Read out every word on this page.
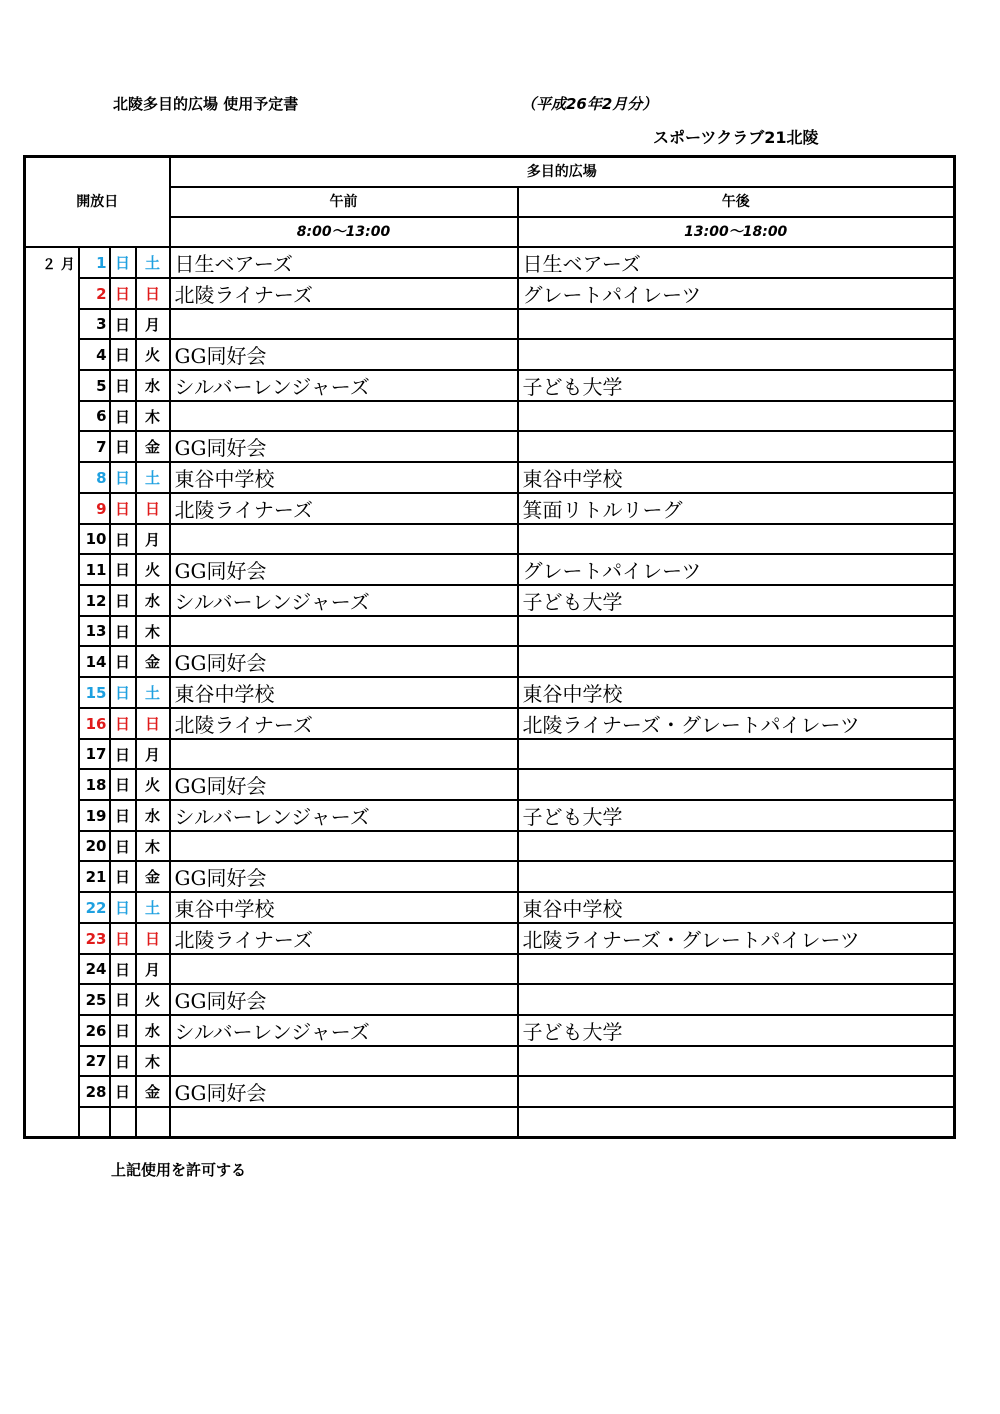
北陵多目的広場 使用予定書	（平成26年2月分）
スポーツクラブ21北陵
開放日				多目的広場	
				午前	午後
				8:00～13:00	13:00～18:00
２ 月	1	日	土	日生ベアーズ	日生ベアーズ
	2	日	日	北陵ライナーズ	グレートパイレーツ
	3	日	月		
	4	日	火	GG同好会	
	5	日	水	シルバーレンジャーズ	子ども大学
	6	日	木		
	7	日	金	GG同好会	
	8	日	土	東谷中学校	東谷中学校
	9	日	日	北陵ライナーズ	箕面リトルリーグ
	10	日	月		
	11	日	火	GG同好会	グレートパイレーツ
	12	日	水	シルバーレンジャーズ	子ども大学
	13	日	木		
	14	日	金	GG同好会	
	15	日	土	東谷中学校	東谷中学校
	16	日	日	北陵ライナーズ	北陵ライナーズ・グレートパイレーツ
	17	日	月		
	18	日	火	GG同好会	
	19	日	水	シルバーレンジャーズ	子ども大学
	20	日	木		
	21	日	金	GG同好会	
	22	日	土	東谷中学校	東谷中学校
	23	日	日	北陵ライナーズ	北陵ライナーズ・グレートパイレーツ
	24	日	月		
	25	日	火	GG同好会	
	26	日	水	シルバーレンジャーズ	子ども大学
	27	日	木		
	28	日	金	GG同好会	

上記使用を許可する
